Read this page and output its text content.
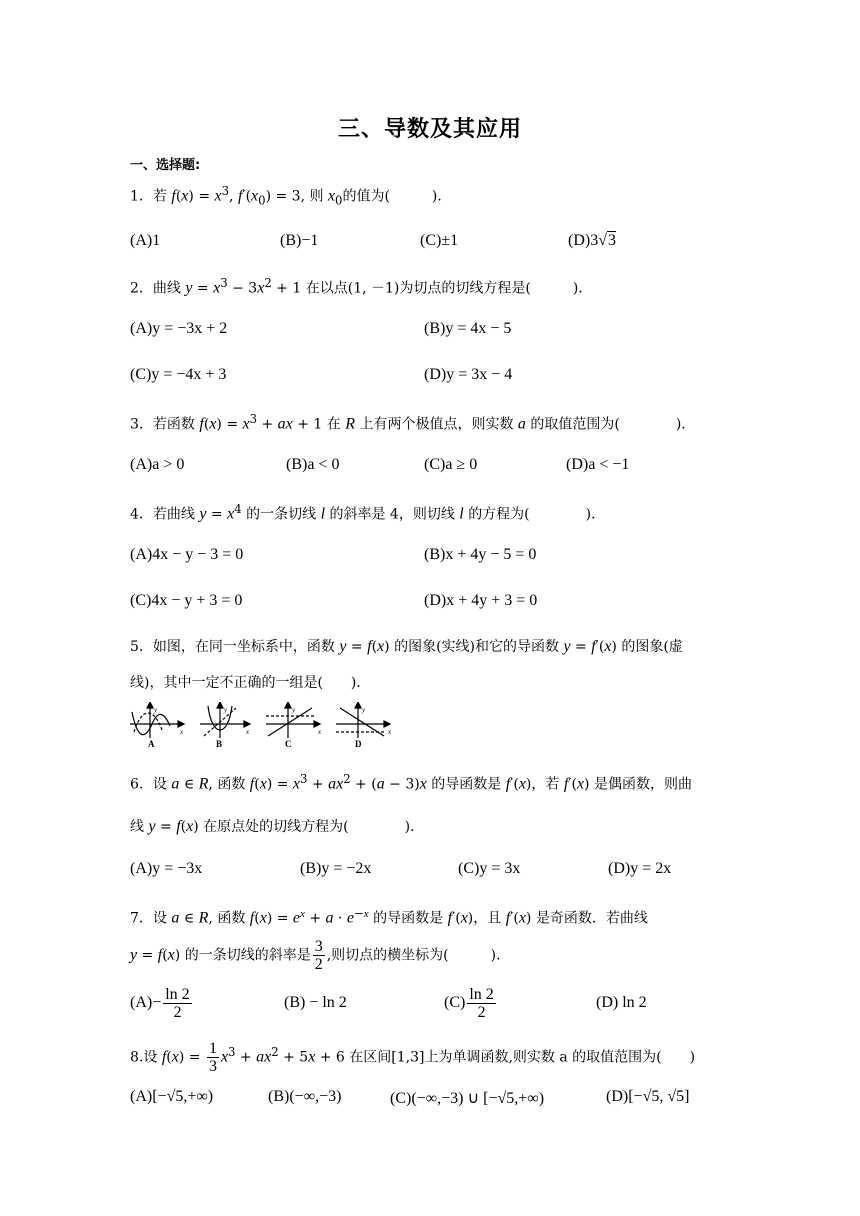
三、导数及其应用
一、选择题:
1．若 $f(x) = x^3$, $f'(x_0) = 3$, 则 $x_0$的值为(　　　)．
(A)1	(B)−1	(C)±1	(D)3√3
2．曲线 $y = x^3 - 3x^2 + 1$ 在以点(1, －1)为切点的切线方程是(　　　)．
(A)y = −3x + 2	(B)y = 4x − 5
(C)y = −4x + 3	(D)y = 3x − 4
3．若函数 $f(x) = x^3$ + ax + 1 在 R 上有两个极值点，则实数 a 的取值范围为(　　　　)．
(A)a > 0	(B)a < 0	(C)a ≥ 0	(D)a < −1
4．若曲线 $y = x^4$ 的一条切线 l 的斜率是 4，则切线 l 的方程为(　　　　)．
(A)4x − y − 3 = 0	(B)x + 4y − 5 = 0
(C)4x − y + 3 = 0	(D)x + 4y + 3 = 0
5．如图，在同一坐标系中，函数 y = f(x) 的图象(实线)和它的导函数 y = f′(x) 的图象(虚
线)，其中一定不正确的一组是(　　)．
A
y
x
B
y
x
C
y
x
D
y
x
6．设 a ∈ R, 函数 $f(x) = x^3 + ax^2 + (a - 3)x$ 的导函数是 f′(x)，若 f′(x) 是偶函数，则曲
线 y = f(x) 在原点处的切线方程为(　　　　)．
(A)y = −3x	(B)y = −2x	(C)y = 3x	(D)y = 2x
7．设 a ∈ R, 函数 $f(x) = e^x + a \cdot e^{-x}$ 的导函数是 f′(x)，且 f′(x) 是奇函数．若曲线
y = f(x) 的一条切线的斜率是 $\frac{3}{2}$ ,则切点的横坐标为(　　　)．
$(A)- \frac{\ln 2}{2}$	(B) − ln 2	$(C) \frac{\ln 2}{2}$	(D) ln 2
8.设 $f(x) = \frac{1}{3} x^3 + ax^2 + 5x + 6$ 在区间[1,3]上为单调函数,则实数 a 的取值范围为(　　)
(A)[−√5,+∞)	(B)(−∞,−3)	(C)(−∞,−3) ∪ [−√5,+∞)	(D)[−√5, √5]
